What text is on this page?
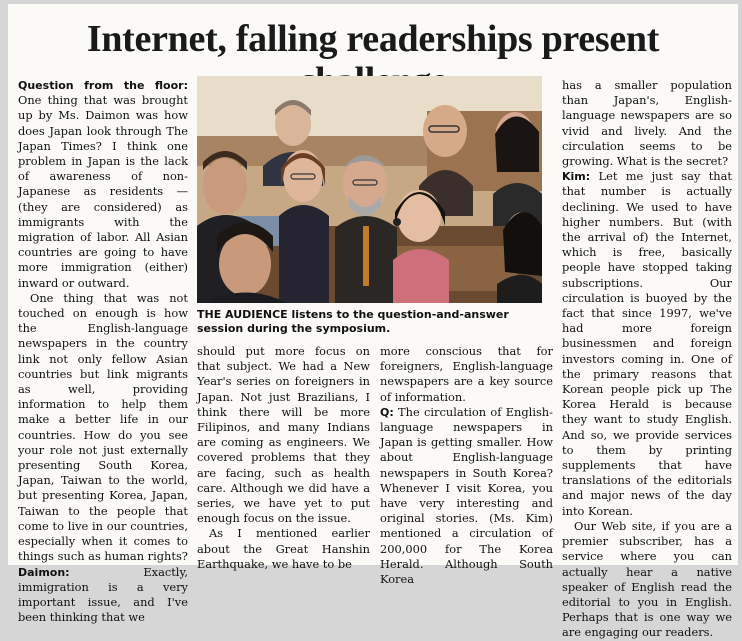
Internet, falling readerships present

Question from the floor: One thing that was brought up by Ms. Daimon was how does Japan look through The Japan Times? I think one problem in Japan is the lack of awareness of non-Japanese as residents — (they are considered) as immigrants with the migration of labor. All Asian countries are going to have more immigration (either) inward or outward.

One thing that was not touched on enough is how the English-language newspapers in the country link not only fellow Asian countries but link migrants as well, providing information to help them make a better life in our countries. How do you see your role not just externally presenting South Korea, Japan, Taiwan to the world, but presenting Korea, Japan, Taiwan to the people that come to live in our countries, especially when it comes to things such as human rights?

Daimon: Exactly, immigration is a very important issue, and I've been thinking that we

THE AUDIENCE listens to the question-and-answer session during the symposium.

should put more focus on that subject. We had a New Year's series on foreigners in Japan. Not just Brazilians, I think there will be more Filipinos, and many Indians are coming as engineers. We covered problems that they are facing, such as health care. Although we did have a series, we have yet to put enough focus on the issue.

As I mentioned earlier about the Great Hanshin Earthquake, we have to be

more conscious that for foreigners, English-language newspapers are a key source of information.

Q: The circulation of English-language newspapers in Japan is getting smaller. How about English-language newspapers in South Korea? Whenever I visit Korea, you have very interesting and original stories. (Ms. Kim) mentioned a circulation of 200,000 for The Korea Herald. Although South Korea

has a smaller population than Japan's, English-language newspapers are so vivid and lively. And the circulation seems to be growing. What is the secret?

Kim: Let me just say that that number is actually declining. We used to have higher numbers. But (with the arrival of) the Internet, which is free, basically people have stopped taking subscriptions. Our circulation is buoyed by the fact that since 1997, we've had more foreign businessmen and foreign investors coming in. One of the primary reasons that Korean people pick up The Korea Herald is because they want to study English. And so, we provide services to them by printing supplements that have translations of the editorials and major news of the day into Korean.

Our Web site, if you are a premier subscriber, has a service where you can actually hear a native speaker of English read the editorial to you in English. Perhaps that is one way we are engaging our readers.
